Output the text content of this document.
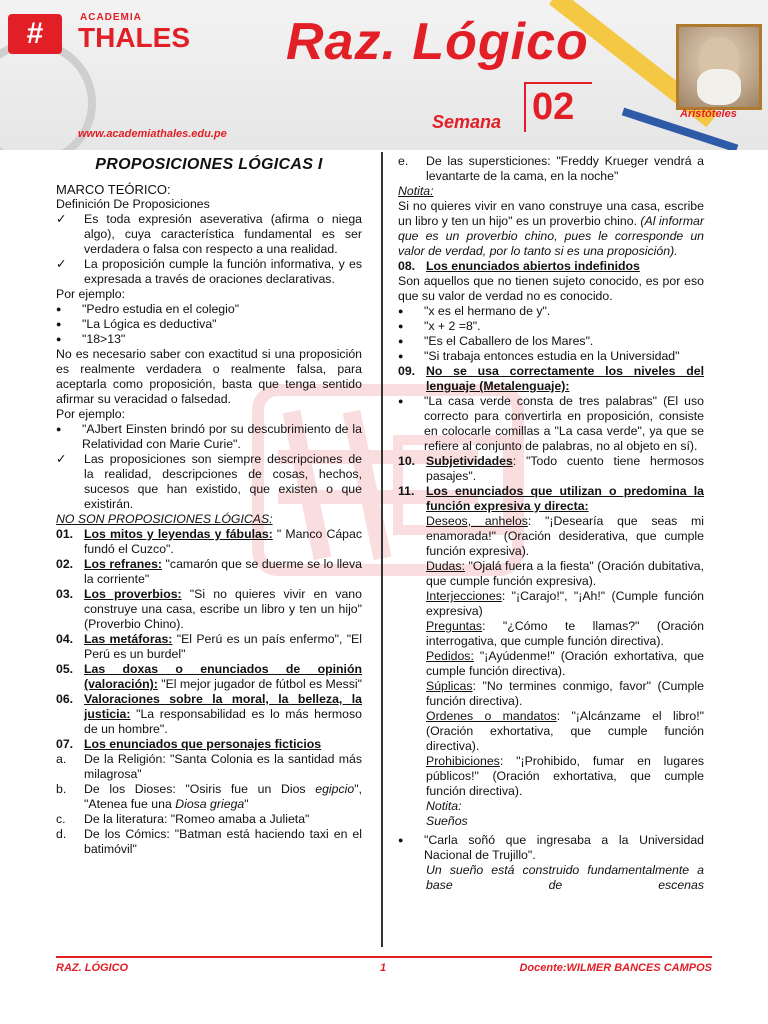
#	ACADEMIA
THALES Raz. Lógico
02
Semana
www.academiathales.edu.pe
Aristóteles
PROPOSICIONES LÓGICAS I

MARCO TEÓRICO:

Definición De Proposiciones

✓	Es toda expresión aseverativa (afirma o niega algo), cuya característica fundamental es ser verdadera o falsa con respecto a una realidad.
✓	La proposición cumple la función informativa, y es expresada a través de oraciones declarativas.

Por ejemplo:

●	"Pedro estudia en el colegio"
●	"La Lógica es deductiva"
●	"18>13"

No es necesario saber con exactitud si una proposición es realmente verdadera o realmente falsa, para aceptarla como proposición, basta que tenga sentido afirmar su veracidad o falsedad.

Por ejemplo:

●	"AJbert Einsten brindó por su descubrimiento de la Relatividad con Marie Curie".
✓	Las proposiciones son siempre descripciones de la realidad, descripciones de cosas, hechos, sucesos que han existido, que existen o que existirán.

NO SON PROPOSICIONES LÓGICAS:

01. Los mitos y leyendas y fábulas: " Manco Cápac fundó el Cuzco".
02. Los refranes: "camarón que se duerme se lo lleva la corriente"
03. Los proverbios: "Si no quieres vivir en vano construye una casa, escribe un libro y ten un hijo" (Proverbio Chino).
04. Las metáforas: "El Perú es un país enfermo", "El Perú es un burdel"
05. Las doxas o enunciados de opinión (valoración): "El mejor jugador de fútbol es Messi"
06. Valoraciones sobre la moral, la belleza, la justicia: "La responsabilidad es lo más hermoso de un hombre".
07. Los enunciados que personajes ficticios
a.	De la Religión: "Santa Colonia es la santidad más milagrosa"
b.	De los Dioses: "Osiris fue un Dios egipcio", "Atenea fue una Diosa griega"
c.	De la literatura: "Romeo amaba a Julieta"
d.	De los Cómics: "Batman está haciendo taxi en el batimóvil"
e.	De las supersticiones: "Freddy Krueger vendrá a levantarte de la cama, en la noche"

Notita:

Si no quieres vivir en vano construye una casa, escribe un libro y ten un hijo" es un proverbio chino. (Al informar que es un proverbio chino, pues le corresponde un valor de verdad, por lo tanto si es una proposición).

08. Los enunciados abiertos indefinidos

Son aquellos que no tienen sujeto conocido, es por eso que su valor de verdad no es conocido.

●	"x es el hermano de y".
●	"x + 2 =8".
●	"Es el Caballero de los Mares".
●	"Si trabaja entonces estudia en la Universidad"
09. No se usa correctamente los niveles del lenguaje (Metalenguaje):
●	"La casa verde consta de tres palabras" (El uso correcto para convertirla en proposición, consiste en colocarle comillas a "La casa verde", ya que se refiere al conjunto de palabras, no al objeto en sí).
10. Subjetividades: "Todo cuento tiene hermosos pasajes".
11. Los enunciados que utilizan o predomina la función expresiva y directa:

Deseos, anhelos: "¡Desearía que seas mi enamorada!" (Oración desiderativa, que cumple función expresiva).

Dudas: "Ojalá fuera a la fiesta" (Oración dubitativa, que cumple función expresiva).

Interjecciones: "¡Carajo!", "¡Ah!" (Cumple función expresiva)

Preguntas: "¿Cómo te llamas?" (Oración interrogativa, que cumple función directiva).

Pedidos: "¡Ayúdenme!" (Oración exhortativa, que cumple función directiva).

Súplicas: "No termines conmigo, favor" (Cumple función directiva).

Ordenes o mandatos: "¡Alcánzame el libro!" (Oración exhortativa, que cumple función directiva).

Prohibiciones: "¡Prohibido, fumar en lugares públicos!" (Oración exhortativa, que cumple función directiva).

Notita:

Sueños

●	"Carla soñó que ingresaba a la Universidad Nacional de Trujillo".

Un sueño está construido fundamentalmente a base de escenas

RAZ. LÓGICO	1	Docente:WILMER BANCES CAMPOS
